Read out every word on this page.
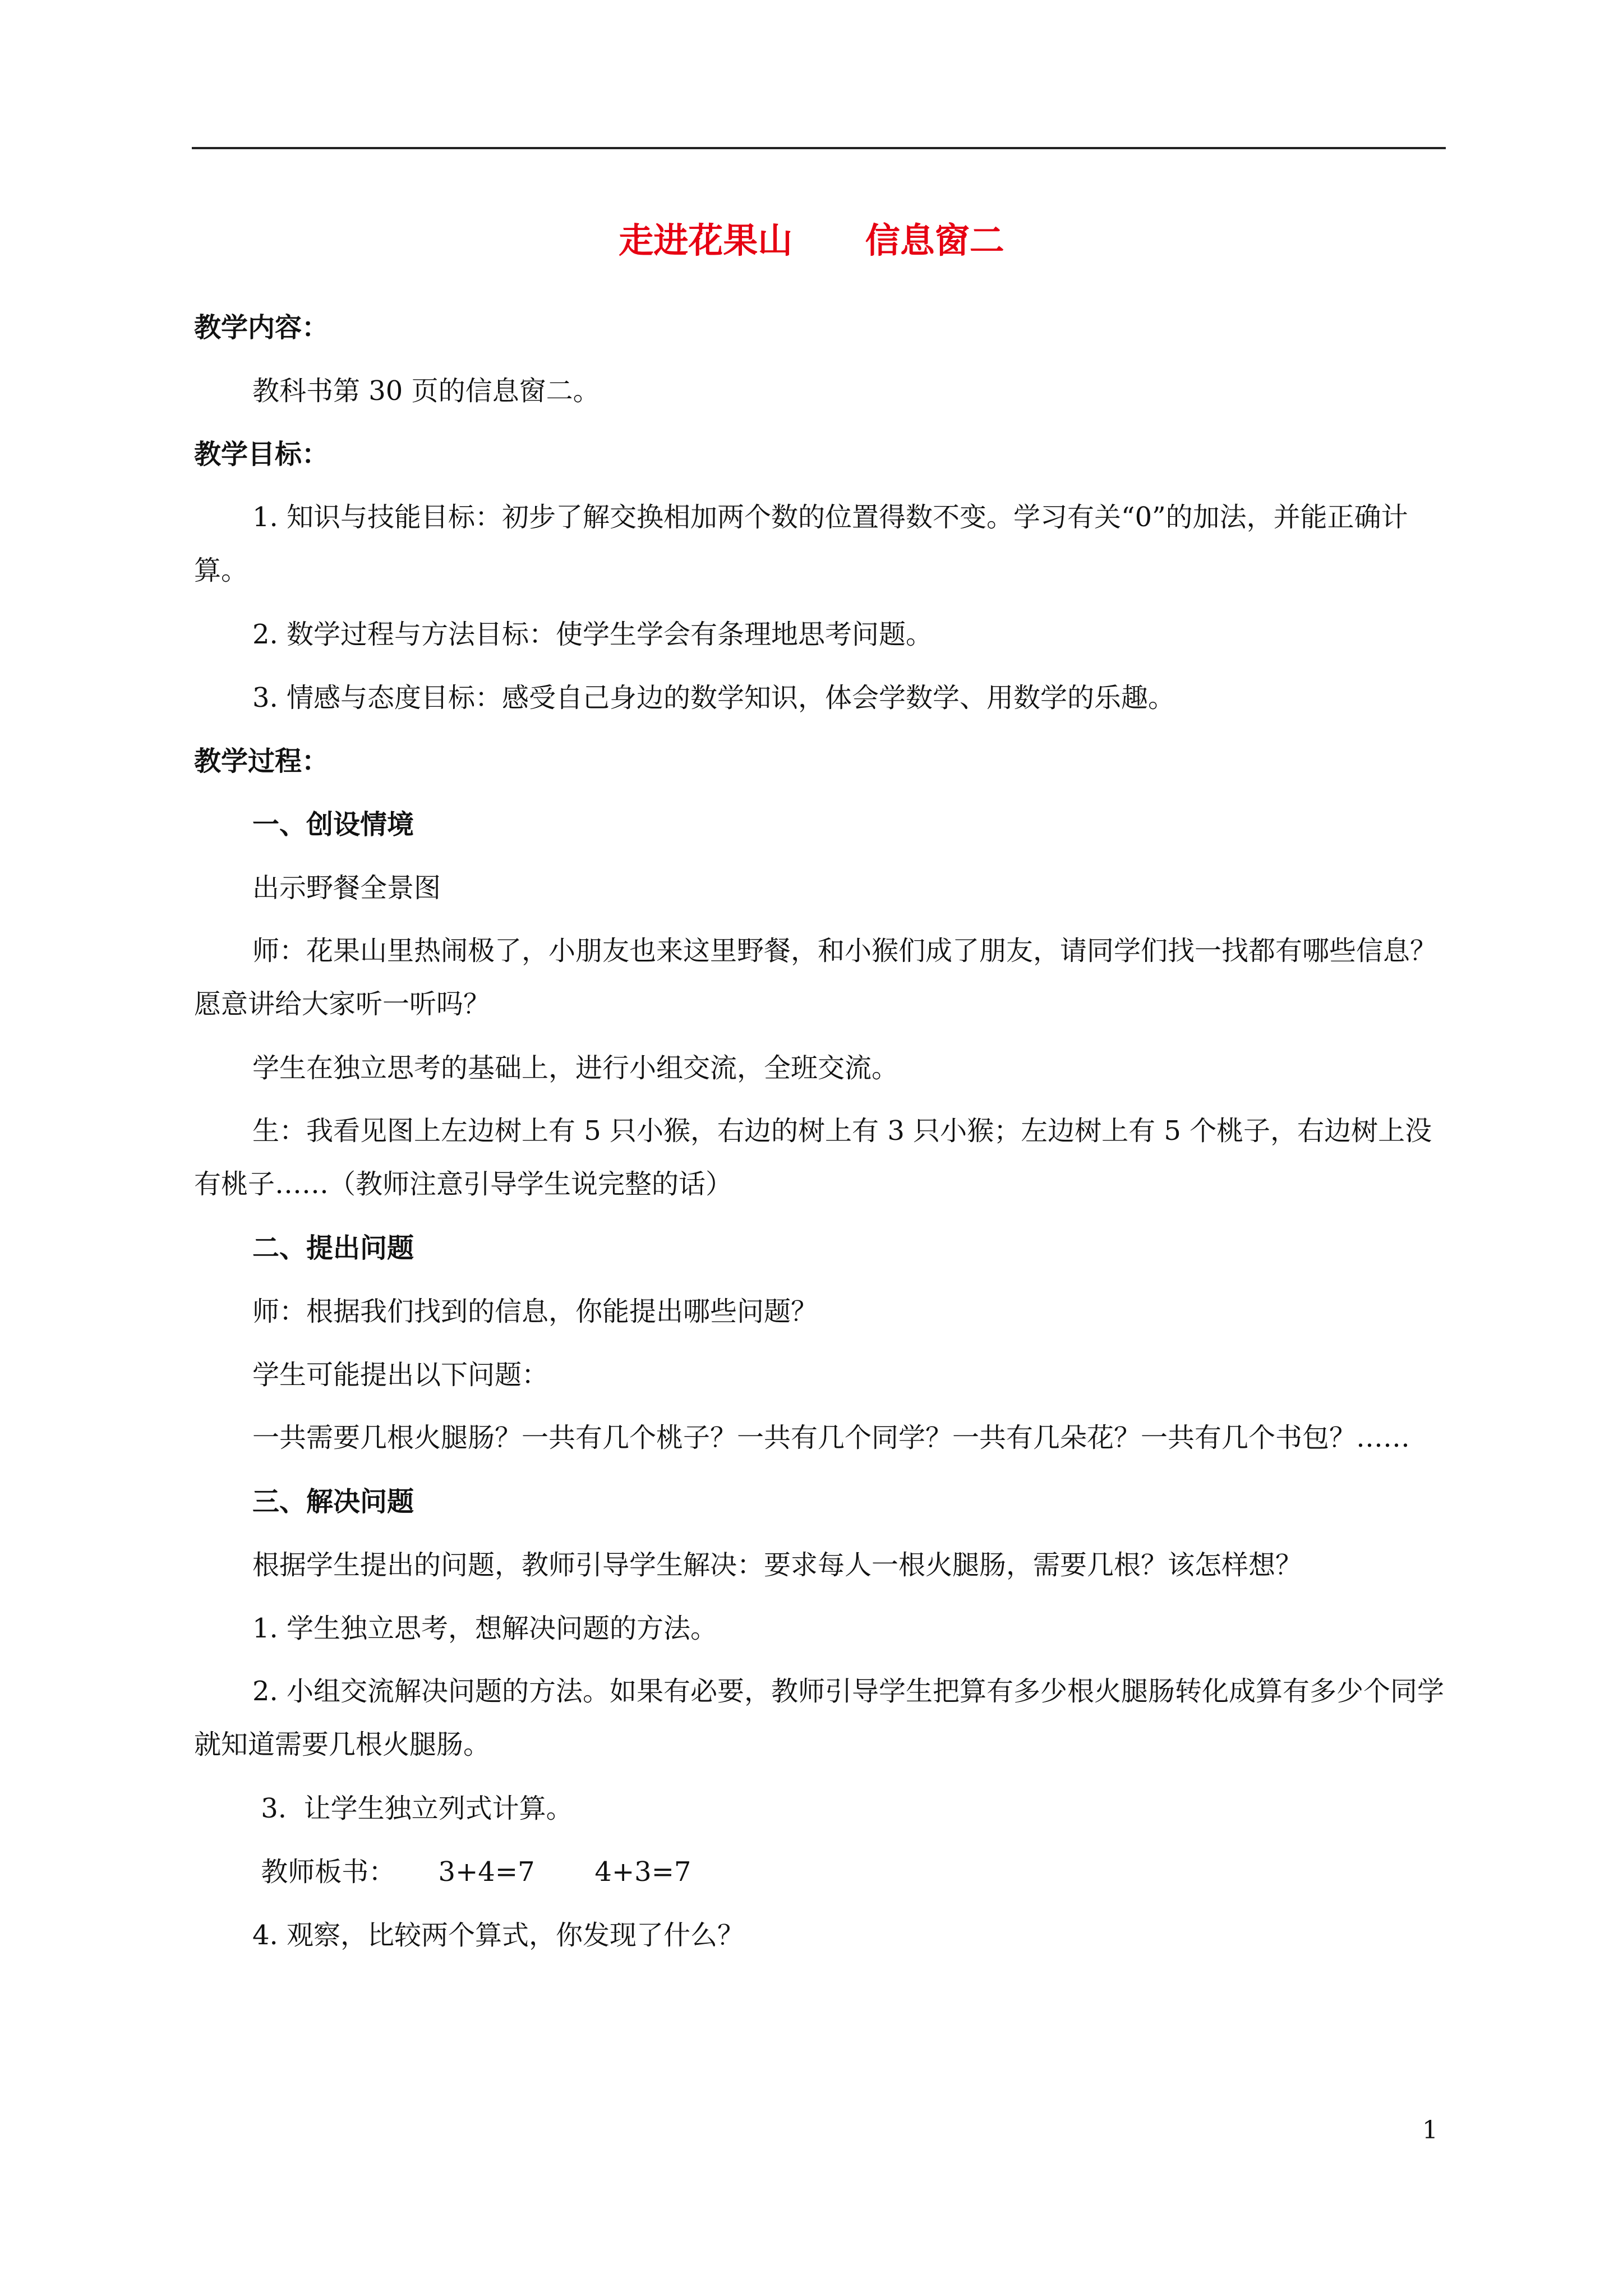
走进花果山      信息窗二

教学内容：

教科书第 30 页的信息窗二。

教学目标：

1. 知识与技能目标：初步了解交换相加两个数的位置得数不变。学习有关“0”的加法，并能正确计算。

2. 数学过程与方法目标：使学生学会有条理地思考问题。

3. 情感与态度目标：感受自己身边的数学知识，体会学数学、用数学的乐趣。

教学过程：

一、创设情境

出示野餐全景图

师：花果山里热闹极了，小朋友也来这里野餐，和小猴们成了朋友，请同学们找一找都有哪些信息？愿意讲给大家听一听吗？

学生在独立思考的基础上，进行小组交流，全班交流。

生：我看见图上左边树上有 5 只小猴，右边的树上有 3 只小猴；左边树上有 5 个桃子，右边树上没有桃子……（教师注意引导学生说完整的话）

二、提出问题

师：根据我们找到的信息，你能提出哪些问题？

学生可能提出以下问题：

一共需要几根火腿肠？一共有几个桃子？一共有几个同学？一共有几朵花？一共有几个书包？……

三、解决问题

根据学生提出的问题，教师引导学生解决：要求每人一根火腿肠，需要几根？该怎样想？

1. 学生独立思考，想解决问题的方法。

2. 小组交流解决问题的方法。如果有必要，教师引导学生把算有多少根火腿肠转化成算有多少个同学就知道需要几根火腿肠。

3.  让学生独立列式计算。

教师板书：     3+4=7       4+3=7

4. 观察，比较两个算式，你发现了什么？

1
